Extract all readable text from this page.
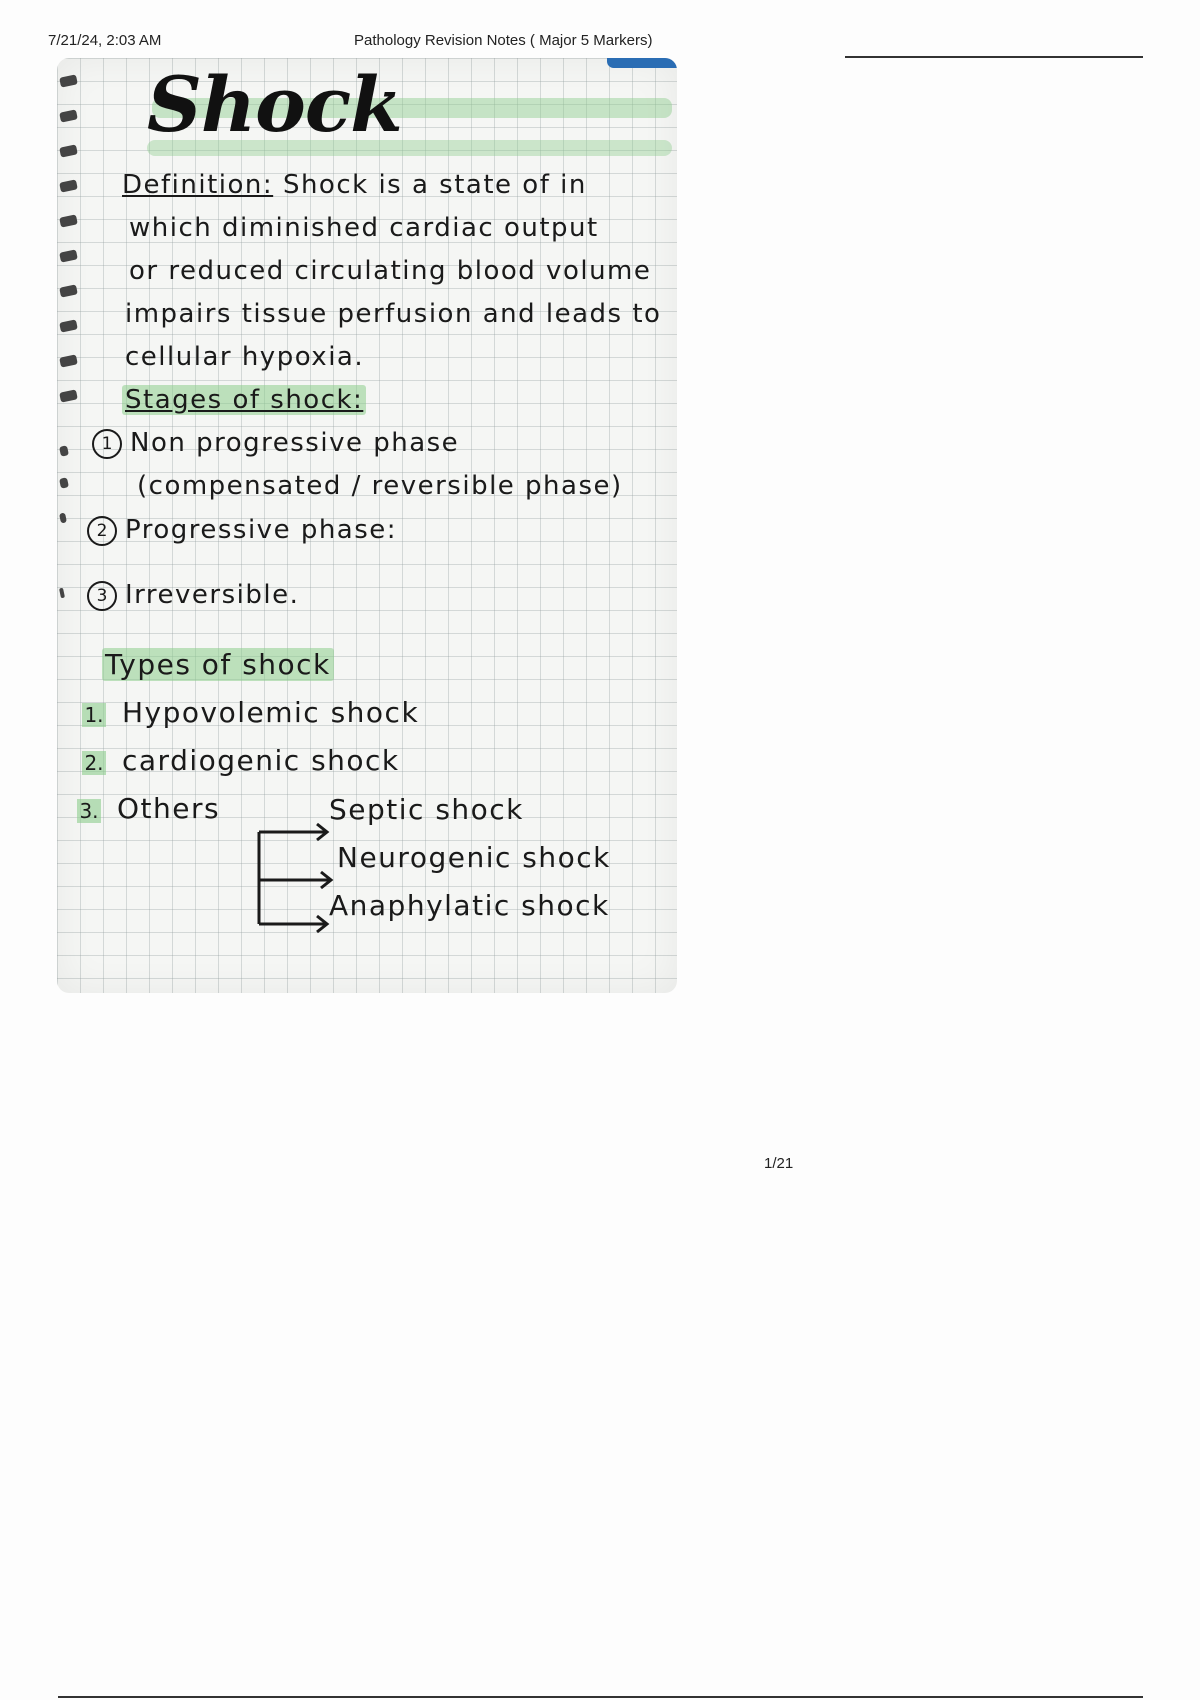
7/21/24, 2:03 AM	Pathology Revision Notes ( Major 5 Markers)
Shock
Definition: Shock is a state of in
which diminished cardiac output
or reduced circulating blood volume
impairs tissue perfusion and leads to
cellular hypoxia.
Stages of shock:
1 Non progressive phase
(compensated / reversible phase)
2 Progressive phase:
3 Irreversible.
Types of shock
1. Hypovolemic shock
2. cardiogenic shock
3. Others	Septic shock
Neurogenic shock
Anaphylatic shock
1/21
